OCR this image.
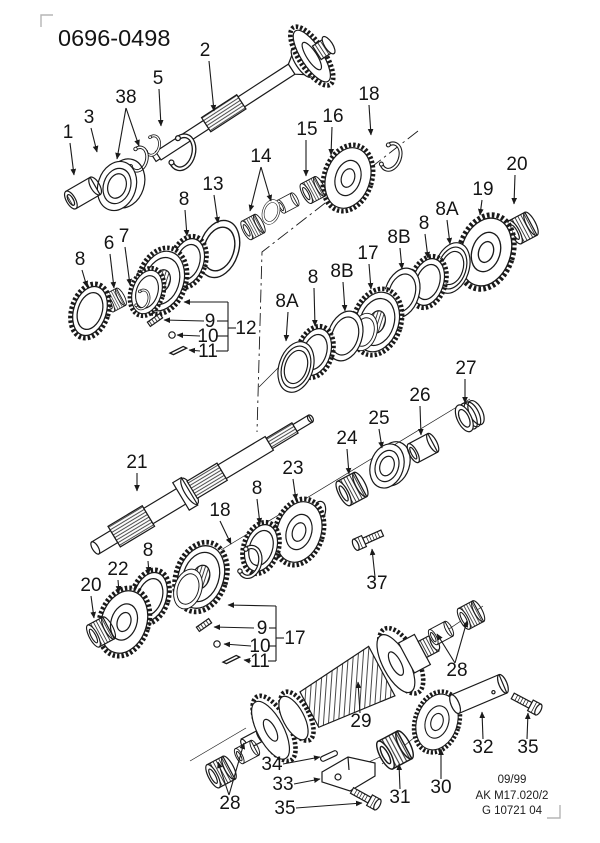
2
5
38
3
1
18
16
15
14
13
8
20
19
8A
8
8B
17
8B
8
8A
8
6 7
9
10
11
12
21	23
8
18
24
25
26
27
37
20
22
8
9
10
11
17
29
28
28
34
33
35
30
31
32 35
0696-0498
09/99
AK M17.020/2
G 10721 04
